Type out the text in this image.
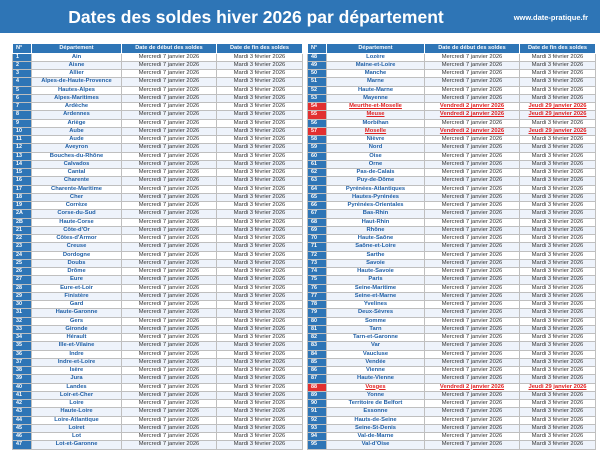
Dates des soldes hiver 2026 par département	www.date-pratique.fr
N°	Département	Date de début des soldes	Date de fin des soldes
1	Ain	Mercredi 7 janvier 2026	Mardi 3 février 2026
2	Aisne	Mercredi 7 janvier 2026	Mardi 3 février 2026
3	Allier	Mercredi 7 janvier 2026	Mardi 3 février 2026
4	Alpes-de-Haute-Provence	Mercredi 7 janvier 2026	Mardi 3 février 2026
5	Hautes-Alpes	Mercredi 7 janvier 2026	Mardi 3 février 2026
6	Alpes-Maritimes	Mercredi 7 janvier 2026	Mardi 3 février 2026
7	Ardèche	Mercredi 7 janvier 2026	Mardi 3 février 2026
8	Ardennes	Mercredi 7 janvier 2026	Mardi 3 février 2026
9	Ariège	Mercredi 7 janvier 2026	Mardi 3 février 2026
10	Aube	Mercredi 7 janvier 2026	Mardi 3 février 2026
11	Aude	Mercredi 7 janvier 2026	Mardi 3 février 2026
12	Aveyron	Mercredi 7 janvier 2026	Mardi 3 février 2026
13	Bouches-du-Rhône	Mercredi 7 janvier 2026	Mardi 3 février 2026
14	Calvados	Mercredi 7 janvier 2026	Mardi 3 février 2026
15	Cantal	Mercredi 7 janvier 2026	Mardi 3 février 2026
16	Charente	Mercredi 7 janvier 2026	Mardi 3 février 2026
17	Charente-Maritime	Mercredi 7 janvier 2026	Mardi 3 février 2026
18	Cher	Mercredi 7 janvier 2026	Mardi 3 février 2026
19	Corrèze	Mercredi 7 janvier 2026	Mardi 3 février 2026
2A	Corse-du-Sud	Mercredi 7 janvier 2026	Mardi 3 février 2026
2B	Haute-Corse	Mercredi 7 janvier 2026	Mardi 3 février 2026
21	Côte-d'Or	Mercredi 7 janvier 2026	Mardi 3 février 2026
22	Côtes-d'Armor	Mercredi 7 janvier 2026	Mardi 3 février 2026
23	Creuse	Mercredi 7 janvier 2026	Mardi 3 février 2026
24	Dordogne	Mercredi 7 janvier 2026	Mardi 3 février 2026
25	Doubs	Mercredi 7 janvier 2026	Mardi 3 février 2026
26	Drôme	Mercredi 7 janvier 2026	Mardi 3 février 2026
27	Eure	Mercredi 7 janvier 2026	Mardi 3 février 2026
28	Eure-et-Loir	Mercredi 7 janvier 2026	Mardi 3 février 2026
29	Finistère	Mercredi 7 janvier 2026	Mardi 3 février 2026
30	Gard	Mercredi 7 janvier 2026	Mardi 3 février 2026
31	Haute-Garonne	Mercredi 7 janvier 2026	Mardi 3 février 2026
32	Gers	Mercredi 7 janvier 2026	Mardi 3 février 2026
33	Gironde	Mercredi 7 janvier 2026	Mardi 3 février 2026
34	Hérault	Mercredi 7 janvier 2026	Mardi 3 février 2026
35	Ille-et-Vilaine	Mercredi 7 janvier 2026	Mardi 3 février 2026
36	Indre	Mercredi 7 janvier 2026	Mardi 3 février 2026
37	Indre-et-Loire	Mercredi 7 janvier 2026	Mardi 3 février 2026
38	Isère	Mercredi 7 janvier 2026	Mardi 3 février 2026
39	Jura	Mercredi 7 janvier 2026	Mardi 3 février 2026
40	Landes	Mercredi 7 janvier 2026	Mardi 3 février 2026
41	Loir-et-Cher	Mercredi 7 janvier 2026	Mardi 3 février 2026
42	Loire	Mercredi 7 janvier 2026	Mardi 3 février 2026
43	Haute-Loire	Mercredi 7 janvier 2026	Mardi 3 février 2026
44	Loire-Atlantique	Mercredi 7 janvier 2026	Mardi 3 février 2026
45	Loiret	Mercredi 7 janvier 2026	Mardi 3 février 2026
46	Lot	Mercredi 7 janvier 2026	Mardi 3 février 2026
47	Lot-et-Garonne	Mercredi 7 janvier 2026	Mardi 3 février 2026
N°	Département	Date de début des soldes	Date de fin des soldes
48	Lozère	Mercredi 7 janvier 2026	Mardi 3 février 2026
49	Maine-et-Loire	Mercredi 7 janvier 2026	Mardi 3 février 2026
50	Manche	Mercredi 7 janvier 2026	Mardi 3 février 2026
51	Marne	Mercredi 7 janvier 2026	Mardi 3 février 2026
52	Haute-Marne	Mercredi 7 janvier 2026	Mardi 3 février 2026
53	Mayenne	Mercredi 7 janvier 2026	Mardi 3 février 2026
54	Meurthe-et-Moselle	Vendredi 2 janvier 2026	Jeudi 29 janvier 2026
55	Meuse	Vendredi 2 janvier 2026	Jeudi 29 janvier 2026
56	Morbihan	Mercredi 7 janvier 2026	Mardi 3 février 2026
57	Moselle	Vendredi 2 janvier 2026	Jeudi 29 janvier 2026
58	Nièvre	Mercredi 7 janvier 2026	Mardi 3 février 2026
59	Nord	Mercredi 7 janvier 2026	Mardi 3 février 2026
60	Oise	Mercredi 7 janvier 2026	Mardi 3 février 2026
61	Orne	Mercredi 7 janvier 2026	Mardi 3 février 2026
62	Pas-de-Calais	Mercredi 7 janvier 2026	Mardi 3 février 2026
63	Puy-de-Dôme	Mercredi 7 janvier 2026	Mardi 3 février 2026
64	Pyrénées-Atlantiques	Mercredi 7 janvier 2026	Mardi 3 février 2026
65	Hautes-Pyrénées	Mercredi 7 janvier 2026	Mardi 3 février 2026
66	Pyrénées-Orientales	Mercredi 7 janvier 2026	Mardi 3 février 2026
67	Bas-Rhin	Mercredi 7 janvier 2026	Mardi 3 février 2026
68	Haut-Rhin	Mercredi 7 janvier 2026	Mardi 3 février 2026
69	Rhône	Mercredi 7 janvier 2026	Mardi 3 février 2026
70	Haute-Saône	Mercredi 7 janvier 2026	Mardi 3 février 2026
71	Saône-et-Loire	Mercredi 7 janvier 2026	Mardi 3 février 2026
72	Sarthe	Mercredi 7 janvier 2026	Mardi 3 février 2026
73	Savoie	Mercredi 7 janvier 2026	Mardi 3 février 2026
74	Haute-Savoie	Mercredi 7 janvier 2026	Mardi 3 février 2026
75	Paris	Mercredi 7 janvier 2026	Mardi 3 février 2026
76	Seine-Maritime	Mercredi 7 janvier 2026	Mardi 3 février 2026
77	Seine-et-Marne	Mercredi 7 janvier 2026	Mardi 3 février 2026
78	Yvelines	Mercredi 7 janvier 2026	Mardi 3 février 2026
79	Deux-Sèvres	Mercredi 7 janvier 2026	Mardi 3 février 2026
80	Somme	Mercredi 7 janvier 2026	Mardi 3 février 2026
81	Tarn	Mercredi 7 janvier 2026	Mardi 3 février 2026
82	Tarn-et-Garonne	Mercredi 7 janvier 2026	Mardi 3 février 2026
83	Var	Mercredi 7 janvier 2026	Mardi 3 février 2026
84	Vaucluse	Mercredi 7 janvier 2026	Mardi 3 février 2026
85	Vendée	Mercredi 7 janvier 2026	Mardi 3 février 2026
86	Vienne	Mercredi 7 janvier 2026	Mardi 3 février 2026
87	Haute-Vienne	Mercredi 7 janvier 2026	Mardi 3 février 2026
88	Vosges	Vendredi 2 janvier 2026	Jeudi 29 janvier 2026
89	Yonne	Mercredi 7 janvier 2026	Mardi 3 février 2026
90	Territoire de Belfort	Mercredi 7 janvier 2026	Mardi 3 février 2026
91	Essonne	Mercredi 7 janvier 2026	Mardi 3 février 2026
92	Hauts-de-Seine	Mercredi 7 janvier 2026	Mardi 3 février 2026
93	Seine-St-Denis	Mercredi 7 janvier 2026	Mardi 3 février 2026
94	Val-de-Marne	Mercredi 7 janvier 2026	Mardi 3 février 2026
95	Val-d'Oise	Mercredi 7 janvier 2026	Mardi 3 février 2026
